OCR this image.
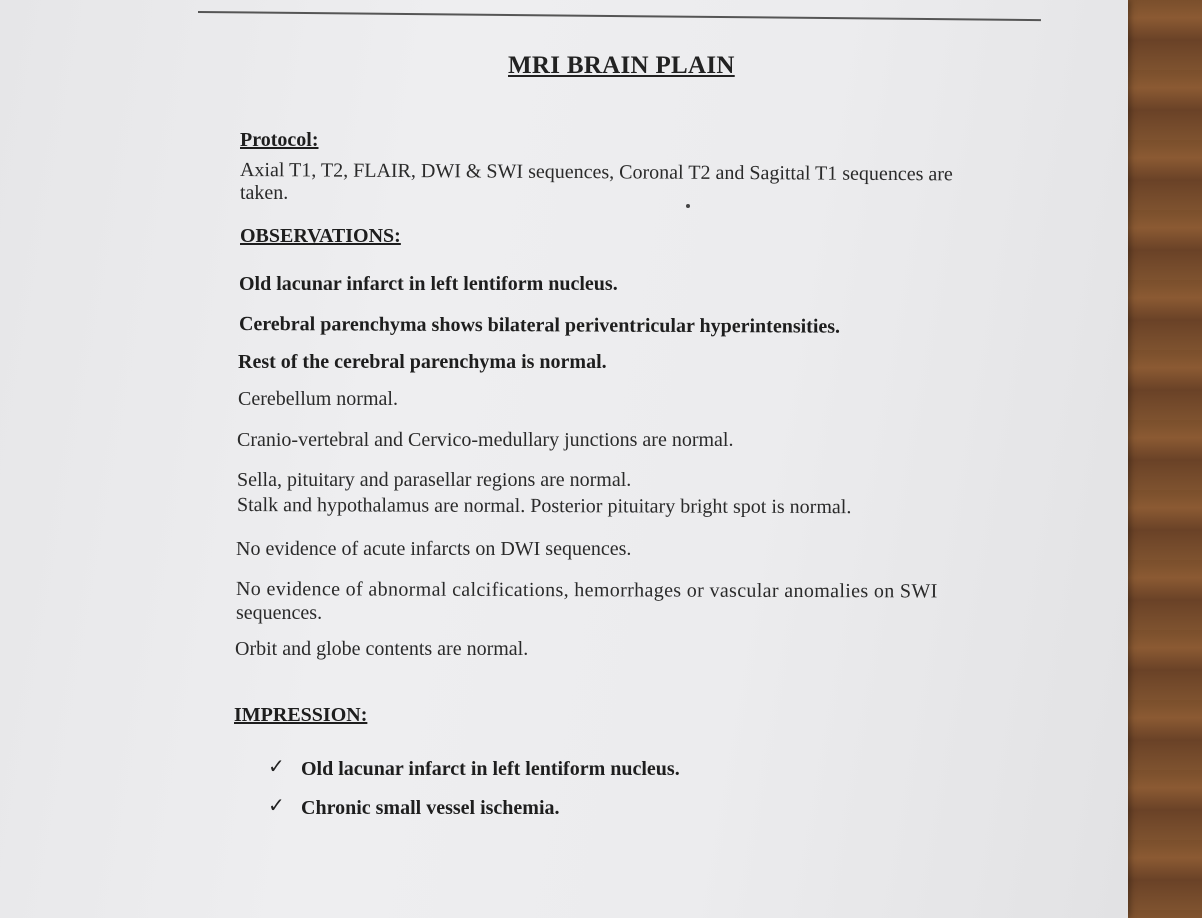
MRI BRAIN PLAIN
Protocol:
Axial T1, T2, FLAIR, DWI & SWI sequences, Coronal T2 and Sagittal T1 sequences are
taken.
OBSERVATIONS:
Old lacunar infarct in left lentiform nucleus.
Cerebral parenchyma shows bilateral periventricular hyperintensities.
Rest of the cerebral parenchyma is normal.
Cerebellum normal.
Cranio-vertebral and Cervico-medullary junctions are normal.
Sella, pituitary and parasellar regions are normal.
Stalk and hypothalamus are normal. Posterior pituitary bright spot is normal.
No evidence of acute infarcts on DWI sequences.
No evidence of abnormal calcifications, hemorrhages or vascular anomalies on SWI
sequences.
Orbit and globe contents are normal.
IMPRESSION:
✓ Old lacunar infarct in left lentiform nucleus.
✓ Chronic small vessel ischemia.
